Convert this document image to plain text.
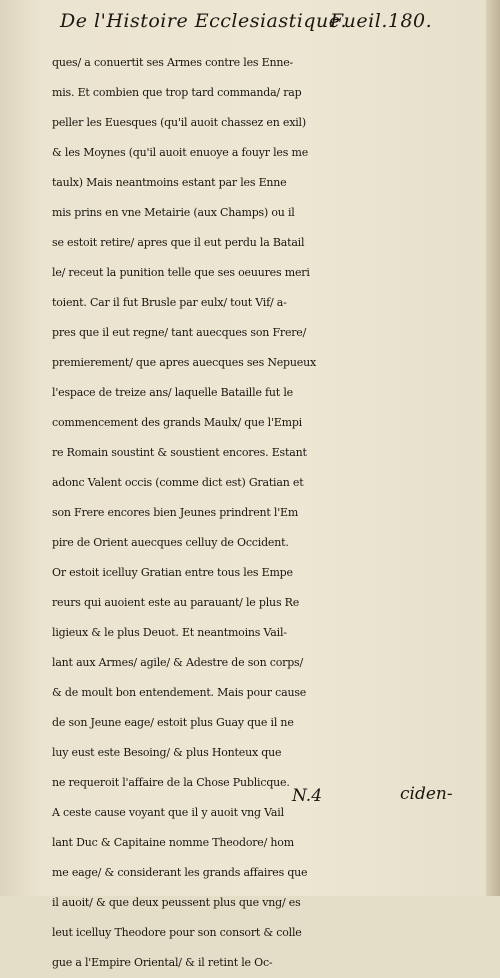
De l'Histoire Ecclesiastique.
Fueil.180.
ques/ a conuertit ses Armes contre les Enne-
mis. Et combien que trop tard commanda/ rap
peller les Euesques (qu'il auoit chassez en exil)
& les Moynes (qu'il auoit enuoye a fouyr les me
taulx) Mais neantmoins estant par les Enne
mis prins en vne Metairie (aux Champs) ou il
se estoit retire/ apres que il eut perdu la Batail
le/ receut la punition telle que ses oeuures meri
toient. Car il fut Brusle par eulx/ tout Vif/ a-
pres que il eut regne/ tant auecques son Frere/
premierement/ que apres auecques ses Nepueux
l'espace de treize ans/ laquelle Bataille fut le
commencement des grands Maulx/ que l'Empi
re Romain soustint & soustient encores. Estant
adonc Valent occis (comme dict est) Gratian et
son Frere encores bien Jeunes prindrent l'Em
pire de Orient auecques celluy de Occident.
Or estoit icelluy Gratian entre tous les Empe
reurs qui auoient este au parauant/ le plus Re
ligieux & le plus Deuot. Et neantmoins Vail-
lant aux Armes/ agile/ & Adestre de son corps/
& de moult bon entendement. Mais pour cause
de son Jeune eage/ estoit plus Guay que il ne
luy eust este Besoing/ & plus Honteux que
ne requeroit l'affaire de la Chose Publicque.
A ceste cause voyant que il y auoit vng Vail
lant Duc & Capitaine nomme Theodore/ hom
me eage/ & considerant les grands affaires que
il auoit/ & que deux peussent plus que vng/ es
leut icelluy Theodore pour son consort & colle
gue a l'Empire Oriental/ & il retint le Oc-
N.4	ciden-
